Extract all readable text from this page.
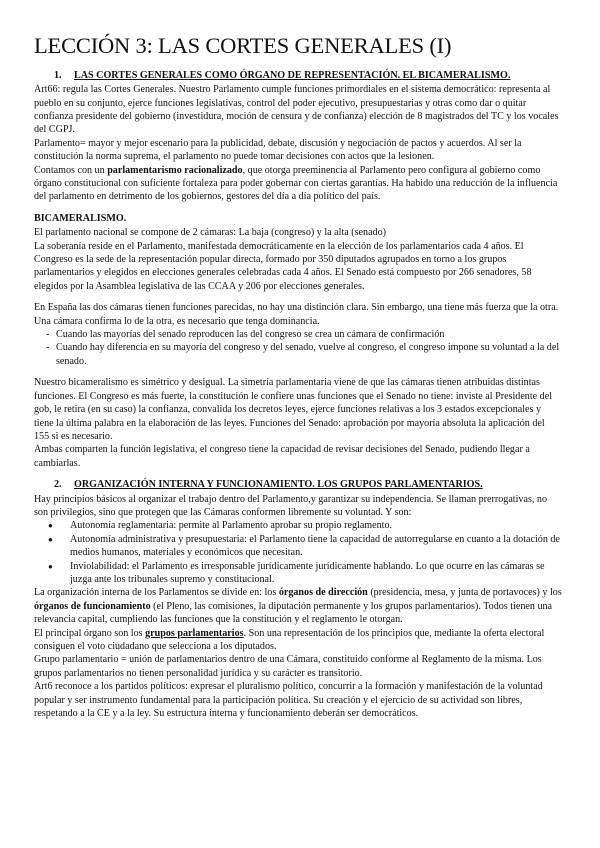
LECCIÓN 3: LAS CORTES GENERALES (I)
1. LAS CORTES GENERALES COMO ÓRGANO DE REPRESENTACIÓN. EL BICAMERALISMO.

Art66: regula las Cortes Generales. Nuestro Parlamento cumple funciones primordiales en el sistema democrático: representa al pueblo en su conjunto, ejerce funciones legislativas, control del poder ejecutivo, presupuestarias y otras como dar o quitar confianza presidente del gobierno (investidura, moción de censura y de confianza) elección de 8 magistrados del TC y los vocales del CGPJ.

Parlamento= mayor y mejor escenario para la publicidad, debate, discusión y negociación de pactos y acuerdos. Al ser la constitución la norma suprema, el parlamento no puede tomar decisiones con actos que la lesionen.

Contamos con un parlamentarismo racionalizado, que otorga preeminencia al Parlamento pero configura al gobierno como órgano constitucional con suficiente fortaleza para poder gobernar con ciertas garantías. Ha habido una reducción de la influencia del parlamento en detrimento de los gobiernos, gestores del día a día político del país.

BICAMERALISMO.

El parlamento nacional se compone de 2 cámaras: La baja (congreso) y la alta (senado)

La soberanía reside en el Parlamento, manifestada democráticamente en la elección de los parlamentarios cada 4 años. El Congreso es la sede de la representación popular directa, formado por 350 diputados agrupados en torno a los grupos parlamentarios y elegidos en elecciones generales celebradas cada 4 años. El Senado está compuesto por 266 senadores, 58 elegidos por la Asamblea legislativa de las CCAA y 206 por elecciones generales.

En España las dos cámaras tienen funciones parecidas, no hay una distinción clara. Sin embargo, una tiene más fuerza que la otra. Una cámara confirma lo de la otra, es necesario que tenga dominancia.

- Cuando las mayorías del senado reproducen las del congreso se crea un cámara de confirmación
- Cuando hay diferencia en su mayoría del congreso y del senado, vuelve al congreso, el congreso impone su voluntad a la del senado.

Nuestro bicameralismo es simétrico y desigual. La simetría parlamentaria viene de que las cámaras tienen atribuidas distintas funciones. El Congreso es más fuerte, la constitución le confiere unas funciones que el Senado no tiene: inviste al Presidente del gob, le retira (en su caso) la confianza, convalida los decretos leyes, ejerce funciones relativas a los 3 estados excepcionales y tiene la última palabra en la elaboración de las leyes. Funciones del Senado: aprobación por mayoría absoluta la aplicación del 155 si es necesario.

Ambas comparten la función legislativa, el congreso tiene la capacidad de revisar decisiones del Senado, pudiendo llegar a cambiarlas.

2. ORGANIZACIÓN INTERNA Y FUNCIONAMIENTO. LOS GRUPOS PARLAMENTARIOS.

Hay principios básicos al organizar el trabajo dentro del Parlamento,y garantizar su independencia. Se llaman prerrogativas, no son privilegios, sino que protegen que las Cámaras conformen libremente su voluntad. Y son:

● Autonomía reglamentaria: permite al Parlamento aprobar su propio reglamento.
● Autonomía administrativa y presupuestaria: el Parlamento tiene la capacidad de autorregularse en cuanto a la dotación de medios humanos, materiales y económicos que necesitan.
● Inviolabilidad: el Parlamento es irresponsable jurídicamente jurídicamente hablando. Lo que ocurre en las cámaras se juzga ante los tribunales supremo y constitucional.

La organización interna de los Parlamentos se divide en: los órganos de dirección (presidencia, mesa, y junta de portavoces) y los órganos de funcionamiento (el Pleno, las comisiones, la diputación permanente y los grupos parlamentarios). Todos tienen una relevancia capital, cumpliendo las funciones que la constitución y el reglamento le otorgan.

El principal órgano son los grupos parlamentarios. Son una representación de los principios que, mediante la oferta electoral consiguen el voto ciudadano que selecciona a los diputados.

Grupo parlamentario = unión de parlamentarios dentro de una Cámara, constituido conforme al Reglamento de la misma. Los grupos parlamentarios no tienen personalidad jurídica y su carácter es transitorio.

Art6 reconoce a los partidos políticos: expresar el pluralismo político, concurrir a la formación y manifestación de la voluntad popular y ser instrumento fundamental para la participación política. Su creación y el ejercicio de su actividad son libres, respetando a la CE y a la ley. Su estructura interna y funcionamiento deberán ser democráticos.
